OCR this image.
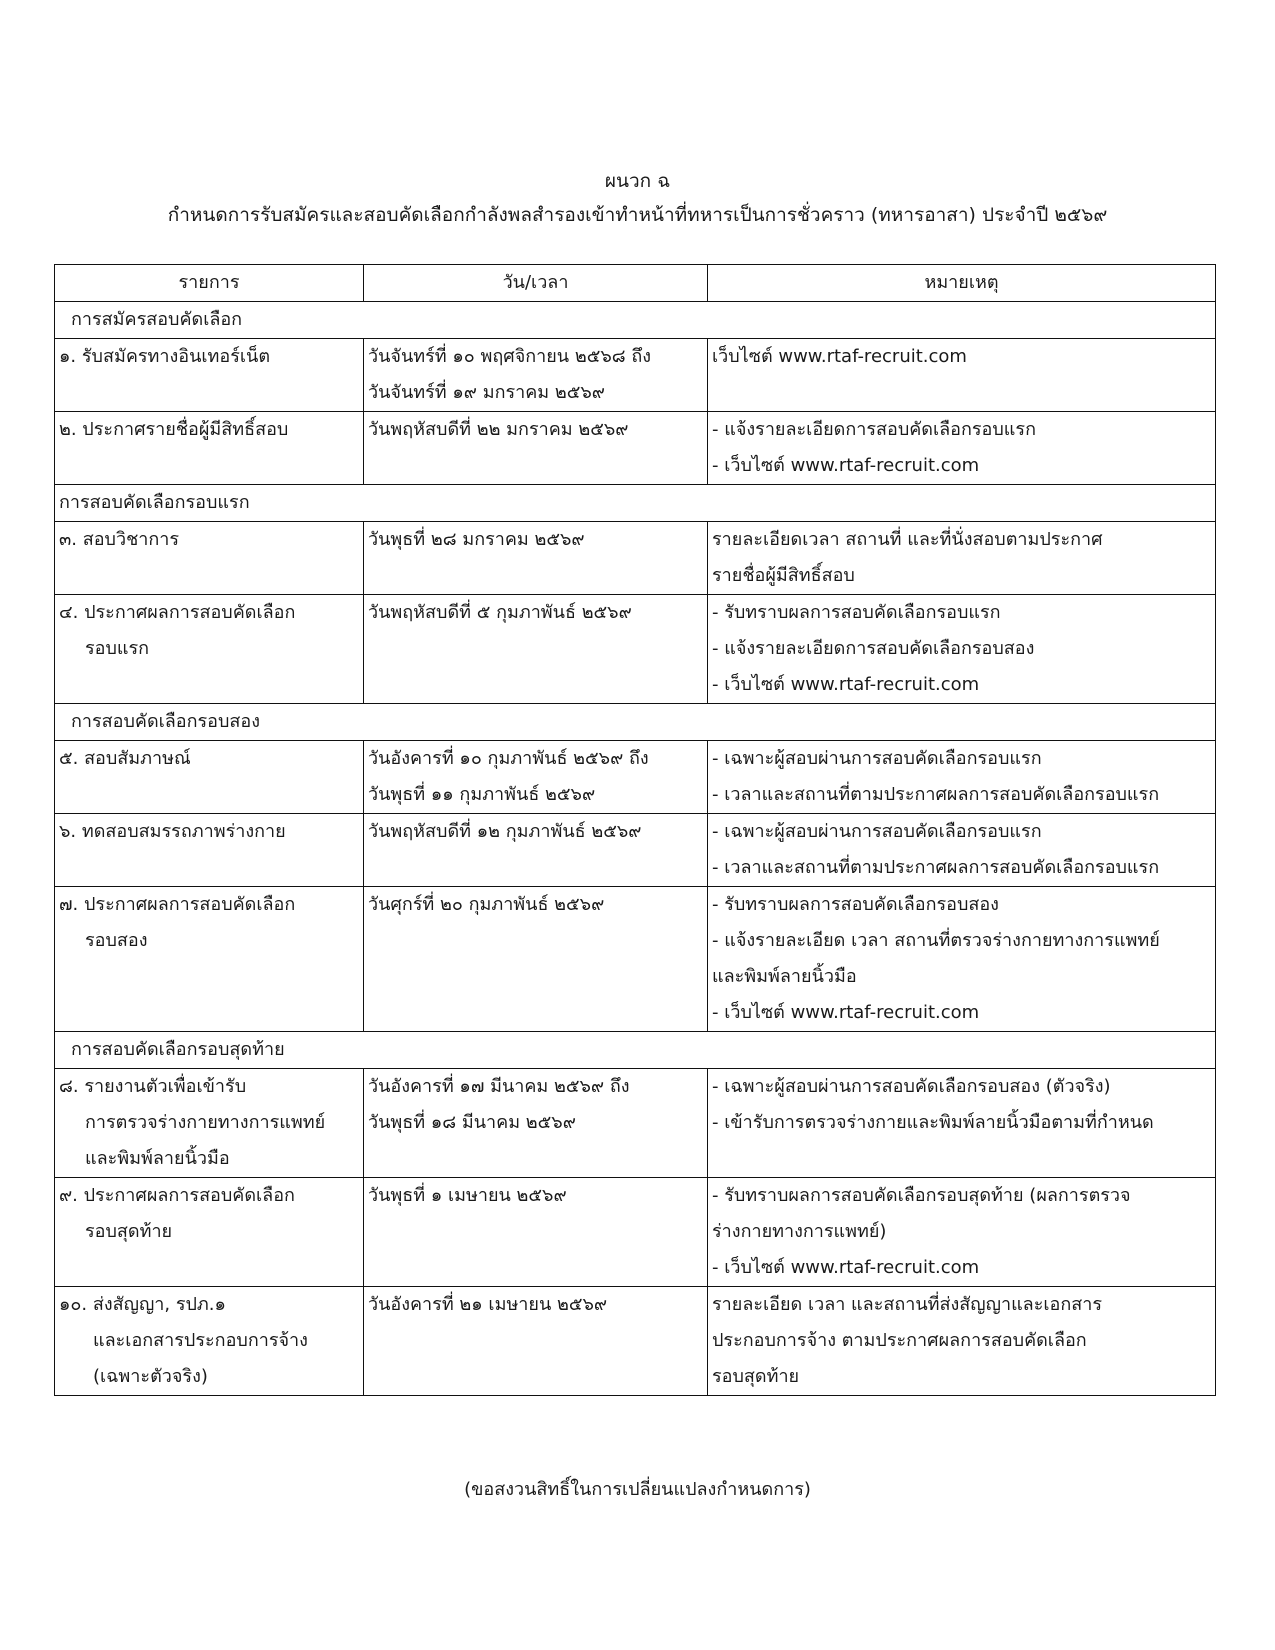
ผนวก ฉ
กำหนดการรับสมัครและสอบคัดเลือกกำลังพลสำรองเข้าทำหน้าที่ทหารเป็นการชั่วคราว (ทหารอาสา) ประจำปี ๒๕๖๙
รายการ	วัน/เวลา	หมายเหตุ
การสมัครสอบคัดเลือก		

๑. รับสมัครทางอินเทอร์เน็ต	วันจันทร์ที่ ๑๐ พฤศจิกายน ๒๕๖๘ ถึง
วันจันทร์ที่ ๑๙ มกราคม ๒๕๖๙	เว็บไซต์ www.rtaf-recruit.com

๒. ประกาศรายชื่อผู้มีสิทธิ์สอบ	วันพฤหัสบดีที่ ๒๒ มกราคม ๒๕๖๙	- แจ้งรายละเอียดการสอบคัดเลือกรอบแรก
- เว็บไซต์ www.rtaf-recruit.com

การสอบคัดเลือกรอบแรก		

๓. สอบวิชาการ	วันพุธที่ ๒๘ มกราคม ๒๕๖๙	รายละเอียดเวลา สถานที่ และที่นั่งสอบตามประกาศ
รายชื่อผู้มีสิทธิ์สอบ

๔. ประกาศผลการสอบคัดเลือก
รอบแรก	วันพฤหัสบดีที่ ๕ กุมภาพันธ์ ๒๕๖๙	- รับทราบผลการสอบคัดเลือกรอบแรก
- แจ้งรายละเอียดการสอบคัดเลือกรอบสอง
- เว็บไซต์ www.rtaf-recruit.com

การสอบคัดเลือกรอบสอง		

๕. สอบสัมภาษณ์	วันอังคารที่ ๑๐ กุมภาพันธ์ ๒๕๖๙ ถึง
วันพุธที่ ๑๑ กุมภาพันธ์ ๒๕๖๙	- เฉพาะผู้สอบผ่านการสอบคัดเลือกรอบแรก
- เวลาและสถานที่ตามประกาศผลการสอบคัดเลือกรอบแรก

๖. ทดสอบสมรรถภาพร่างกาย	วันพฤหัสบดีที่ ๑๒ กุมภาพันธ์ ๒๕๖๙	- เฉพาะผู้สอบผ่านการสอบคัดเลือกรอบแรก
- เวลาและสถานที่ตามประกาศผลการสอบคัดเลือกรอบแรก

๗. ประกาศผลการสอบคัดเลือก
รอบสอง	วันศุกร์ที่ ๒๐ กุมภาพันธ์ ๒๕๖๙	- รับทราบผลการสอบคัดเลือกรอบสอง
- แจ้งรายละเอียด เวลา สถานที่ตรวจร่างกายทางการแพทย์
และพิมพ์ลายนิ้วมือ
- เว็บไซต์ www.rtaf-recruit.com

การสอบคัดเลือกรอบสุดท้าย		

๘. รายงานตัวเพื่อเข้ารับ
การตรวจร่างกายทางการแพทย์
และพิมพ์ลายนิ้วมือ	วันอังคารที่ ๑๗ มีนาคม ๒๕๖๙ ถึง
วันพุธที่ ๑๘ มีนาคม ๒๕๖๙	- เฉพาะผู้สอบผ่านการสอบคัดเลือกรอบสอง (ตัวจริง)
- เข้ารับการตรวจร่างกายและพิมพ์ลายนิ้วมือตามที่กำหนด

๙. ประกาศผลการสอบคัดเลือก
รอบสุดท้าย	วันพุธที่ ๑ เมษายน ๒๕๖๙	- รับทราบผลการสอบคัดเลือกรอบสุดท้าย (ผลการตรวจ
ร่างกายทางการแพทย์)
- เว็บไซต์ www.rtaf-recruit.com

๑๐. ส่งสัญญา, รปภ.๑
และเอกสารประกอบการจ้าง
(เฉพาะตัวจริง)	วันอังคารที่ ๒๑ เมษายน ๒๕๖๙	รายละเอียด เวลา และสถานที่ส่งสัญญาและเอกสาร
ประกอบการจ้าง ตามประกาศผลการสอบคัดเลือก
รอบสุดท้าย
(ขอสงวนสิทธิ์ในการเปลี่ยนแปลงกำหนดการ)
